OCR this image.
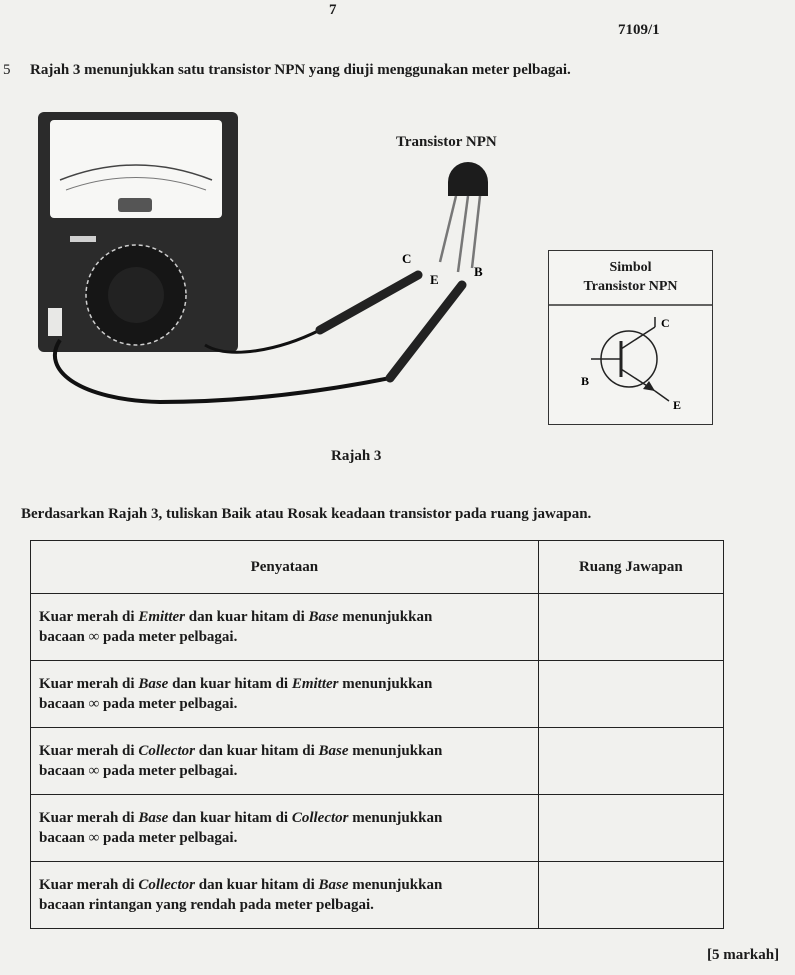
7
7109/1
5 Rajah 3 menunjukkan satu transistor NPN yang diuji menggunakan meter pelbagai.
C
E
B
Transistor NPN
Simbol
Transistor NPN
C
B
E
Rajah 3
Berdasarkan Rajah 3, tuliskan Baik atau Rosak keadaan transistor pada ruang jawapan.
Penyataan	Ruang Jawapan
Kuar merah di Emitter dan kuar hitam di Base menunjukkan
bacaan ∞ pada meter pelbagai.	
Kuar merah di Base dan kuar hitam di Emitter menunjukkan
bacaan ∞ pada meter pelbagai.	
Kuar merah di Collector dan kuar hitam di Base menunjukkan
bacaan ∞ pada meter pelbagai.	
Kuar merah di Base dan kuar hitam di Collector menunjukkan
bacaan ∞ pada meter pelbagai.	
Kuar merah di Collector dan kuar hitam di Base menunjukkan
bacaan rintangan yang rendah pada meter pelbagai.	
[5 markah]
